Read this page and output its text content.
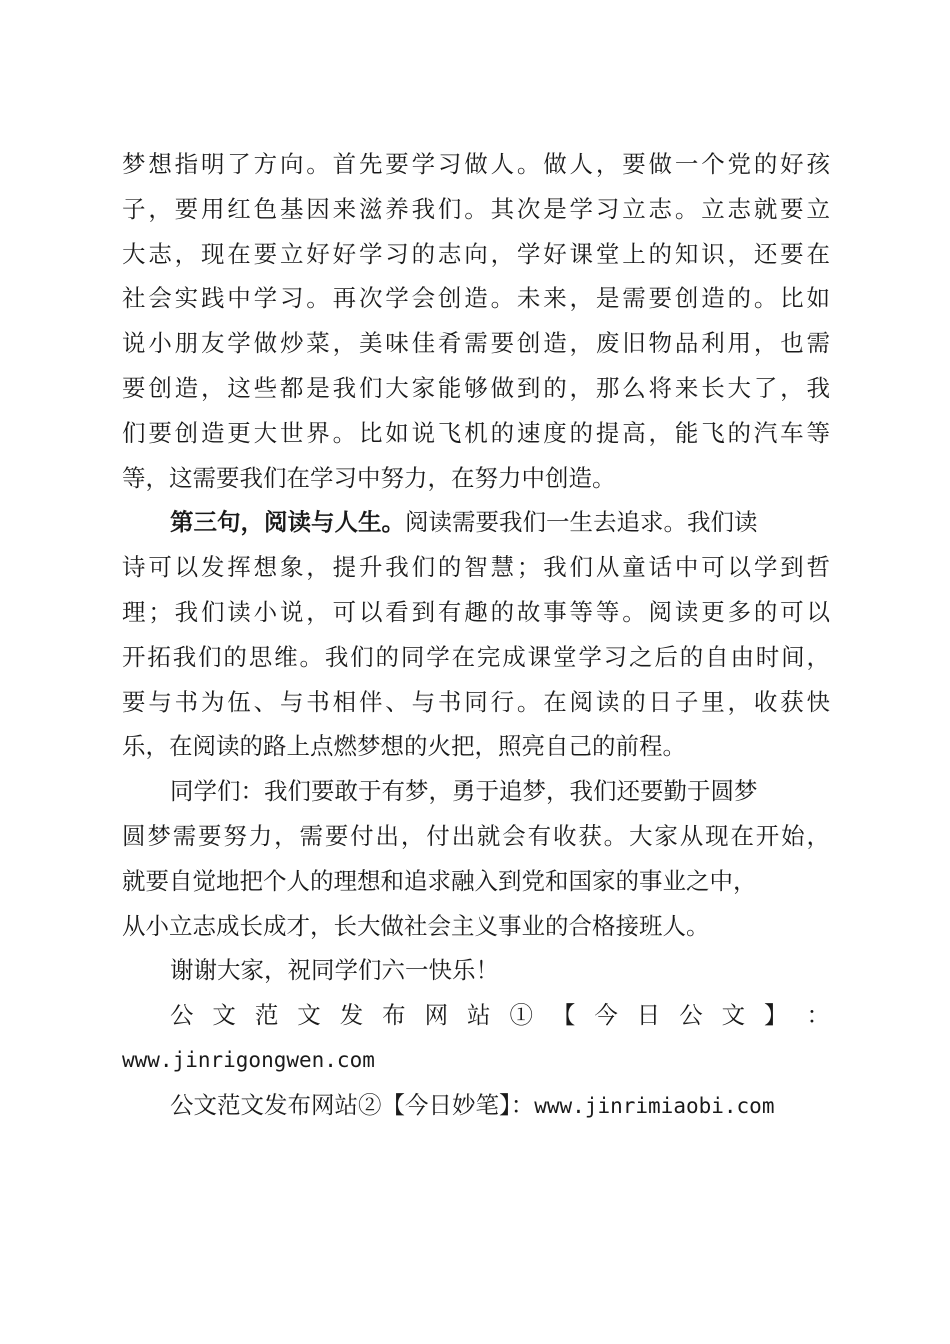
梦想指明了方向。首先要学习做人。做人，要做一个党的好孩
子，要用红色基因来滋养我们。其次是学习立志。立志就要立
大志，现在要立好好学习的志向，学好课堂上的知识，还要在
社会实践中学习。再次学会创造。未来，是需要创造的。比如
说小朋友学做炒菜，美味佳肴需要创造，废旧物品利用，也需
要创造，这些都是我们大家能够做到的，那么将来长大了，我
们要创造更大世界。比如说飞机的速度的提高，能飞的汽车等
等，这需要我们在学习中努力，在努力中创造。
第三句，阅读与人生。阅读需要我们一生去追求。我们读
诗可以发挥想象，提升我们的智慧；我们从童话中可以学到哲
理；我们读小说，可以看到有趣的故事等等。阅读更多的可以
开拓我们的思维。我们的同学在完成课堂学习之后的自由时间，
要与书为伍、与书相伴、与书同行。在阅读的日子里，收获快
乐，在阅读的路上点燃梦想的火把，照亮自己的前程。
同学们：我们要敢于有梦，勇于追梦，我们还要勤于圆梦
圆梦需要努力，需要付出，付出就会有收获。大家从现在开始，
就要自觉地把个人的理想和追求融入到党和国家的事业之中，
从小立志成长成才，长大做社会主义事业的合格接班人。
谢谢大家，祝同学们六一快乐！
公 文 范 文 发 布 网 站 ① 【 今 日 公 文 】 ：
www.jinrigongwen.com
公文范文发布网站②【今日妙笔】：www.jinrimiaobi.com
